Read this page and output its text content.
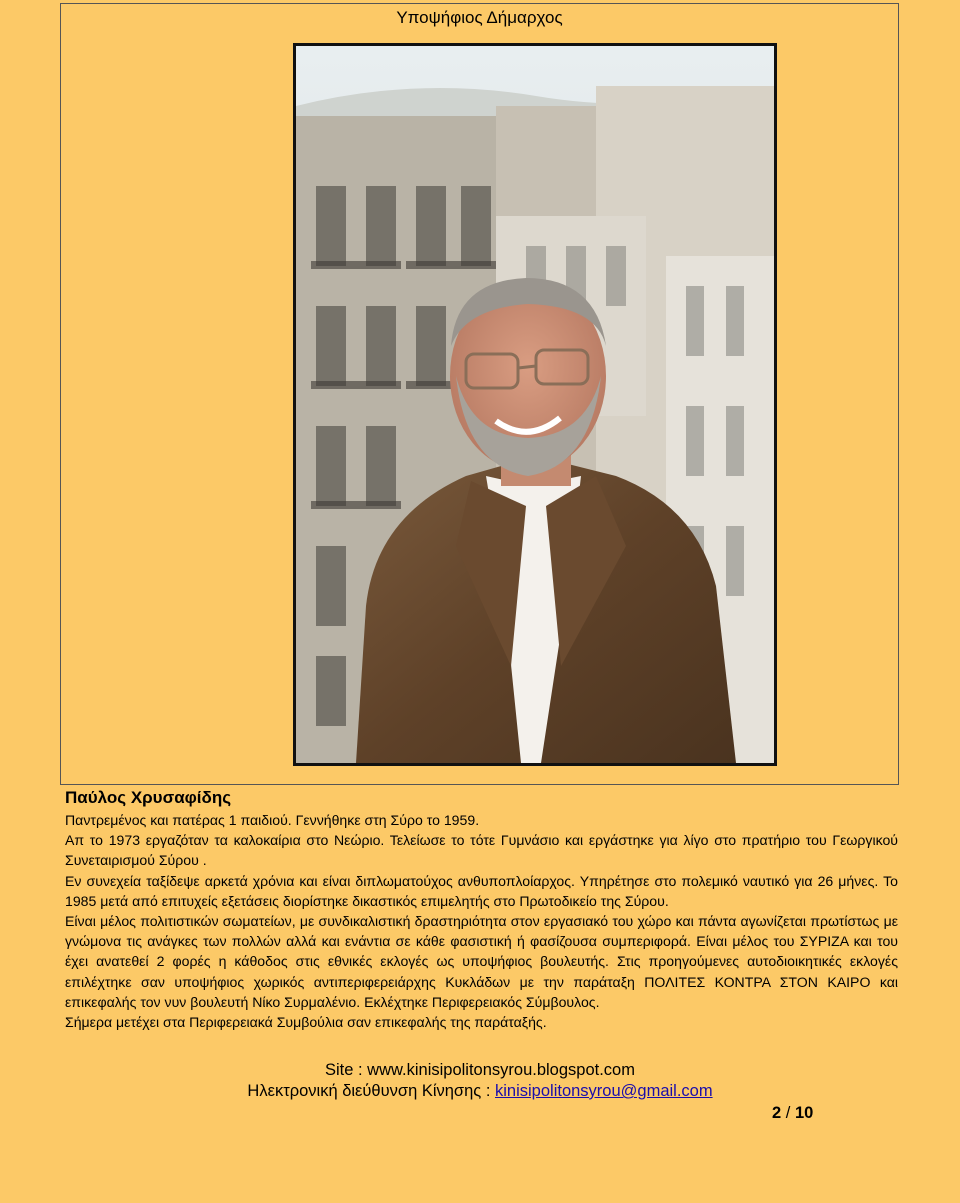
Υποψήφιος Δήμαρχος
Παύλος Χρυσαφίδης

Παντρεμένος και πατέρας 1 παιδιού. Γεννήθηκε στη Σύρο το 1959.

Απ το 1973 εργαζόταν τα καλοκαίρια στο Νεώριο. Τελείωσε το τότε Γυμνάσιο και εργάστηκε για λίγο στο πρατήριο του Γεωργικού Συνεταιρισμού Σύρου .

Εν συνεχεία ταξίδεψε αρκετά χρόνια και είναι διπλωματούχος ανθυποπλοίαρχος. Υπηρέτησε στο πολεμικό ναυτικό για 26 μήνες. Το 1985 μετά από επιτυχείς εξετάσεις διορίστηκε δικαστικός επιμελητής στο Πρωτοδικείο της Σύρου.

Είναι μέλος πολιτιστικών σωματείων, με συνδικαλιστική δραστηριότητα στον εργασιακό του χώρο και πάντα αγωνίζεται πρωτίστως με γνώμονα τις ανάγκες των πολλών αλλά και ενάντια σε κάθε φασιστική ή φασίζουσα συμπεριφορά. Είναι μέλος του ΣΥΡΙΖΑ και του έχει ανατεθεί 2 φορές η κάθοδος στις εθνικές εκλογές ως υποψήφιος βουλευτής. Στις προηγούμενες αυτοδιοικητικές εκλογές επιλέχτηκε σαν υποψήφιος χωρικός αντιπεριφερειάρχης Κυκλάδων με την παράταξη ΠΟΛΙΤΕΣ ΚΟΝΤΡΑ ΣΤΟΝ ΚΑΙΡΟ και επικεφαλής τον νυν βουλευτή Νίκο Συρμαλένιο. Εκλέχτηκε Περιφερειακός Σύμβουλος.

Σήμερα μετέχει στα Περιφερειακά Συμβούλια σαν επικεφαλής της παράταξής.

Site : www.kinisipolitonsyrou.blogspot.com
Ηλεκτρονική διεύθυνση Κίνησης : kinisipolitonsyrou@gmail.com
2 / 10
